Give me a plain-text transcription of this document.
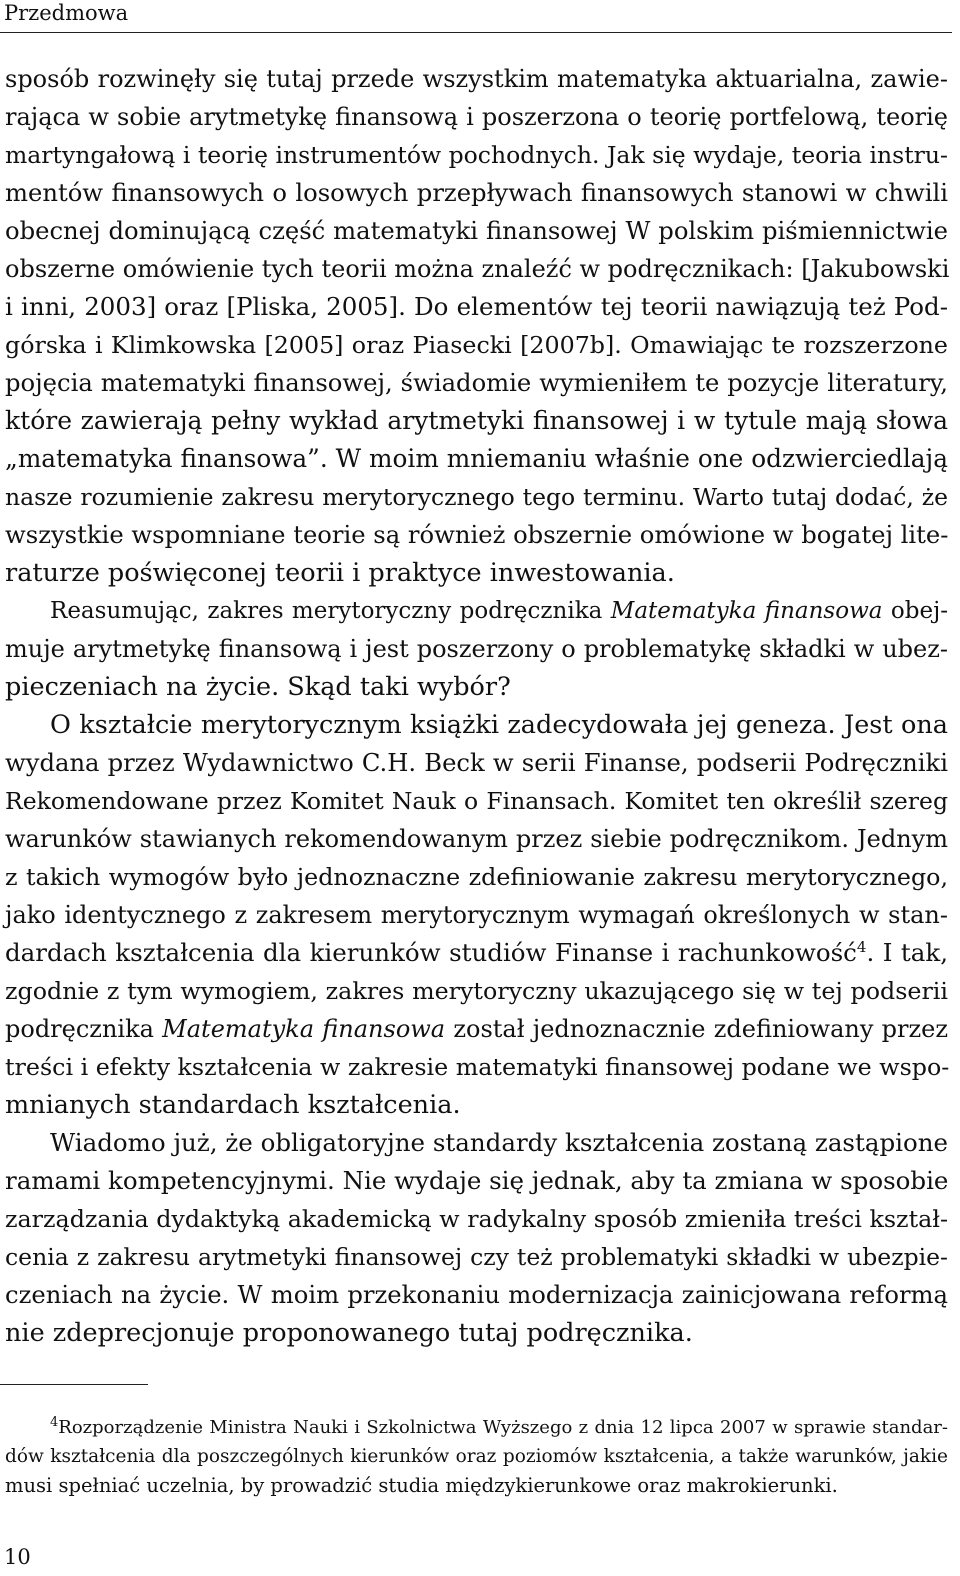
Przedmowa
sposób rozwinęły się tutaj przede wszystkim matematyka aktuarialna, zawie-
rająca w sobie arytmetykę finansową i poszerzona o teorię portfelową, teorię
martyngałową i teorię instrumentów pochodnych. Jak się wydaje, teoria instru-
mentów finansowych o losowych przepływach finansowych stanowi w chwili
obecnej dominującą część matematyki finansowej W polskim piśmiennictwie
obszerne omówienie tych teorii można znaleźć w podręcznikach: [Jakubowski
i inni, 2003] oraz [Pliska, 2005]. Do elementów tej teorii nawiązują też Pod-
górska i Klimkowska [2005] oraz Piasecki [2007b]. Omawiając te rozszerzone
pojęcia matematyki finansowej, świadomie wymieniłem te pozycje literatury,
które zawierają pełny wykład arytmetyki finansowej i w tytule mają słowa
„matematyka finansowa”. W moim mniemaniu właśnie one odzwierciedlają
nasze rozumienie zakresu merytorycznego tego terminu. Warto tutaj dodać, że
wszystkie wspomniane teorie są również obszernie omówione w bogatej lite-
raturze poświęconej teorii i praktyce inwestowania.
Reasumując, zakres merytoryczny podręcznika Matematyka finansowa obej-
muje arytmetykę finansową i jest poszerzony o problematykę składki w ubez-
pieczeniach na życie. Skąd taki wybór?
O kształcie merytorycznym książki zadecydowała jej geneza. Jest ona
wydana przez Wydawnictwo C.H. Beck w serii Finanse, podserii Podręczniki
Rekomendowane przez Komitet Nauk o Finansach. Komitet ten określił szereg
warunków stawianych rekomendowanym przez siebie podręcznikom. Jednym
z takich wymogów było jednoznaczne zdefiniowanie zakresu merytorycznego,
jako identycznego z zakresem merytorycznym wymagań określonych w stan-
dardach kształcenia dla kierunków studiów Finanse i rachunkowość$^4$. I tak,
zgodnie z tym wymogiem, zakres merytoryczny ukazującego się w tej podserii
podręcznika Matematyka finansowa został jednoznacznie zdefiniowany przez
treści i efekty kształcenia w zakresie matematyki finansowej podane we wspo-
mnianych standardach kształcenia.
Wiadomo już, że obligatoryjne standardy kształcenia zostaną zastąpione
ramami kompetencyjnymi. Nie wydaje się jednak, aby ta zmiana w sposobie
zarządzania dydaktyką akademicką w radykalny sposób zmieniła treści kształ-
cenia z zakresu arytmetyki finansowej czy też problematyki składki w ubezpie-
czeniach na życie. W moim przekonaniu modernizacja zainicjowana reformą
nie zdeprecjonuje proponowanego tutaj podręcznika.
$^4$Rozporządzenie Ministra Nauki i Szkolnictwa Wyższego z dnia 12 lipca 2007 w sprawie standar-
dów kształcenia dla poszczególnych kierunków oraz poziomów kształcenia, a także warunków, jakie
musi spełniać uczelnia, by prowadzić studia międzykierunkowe oraz makrokierunki.
10
